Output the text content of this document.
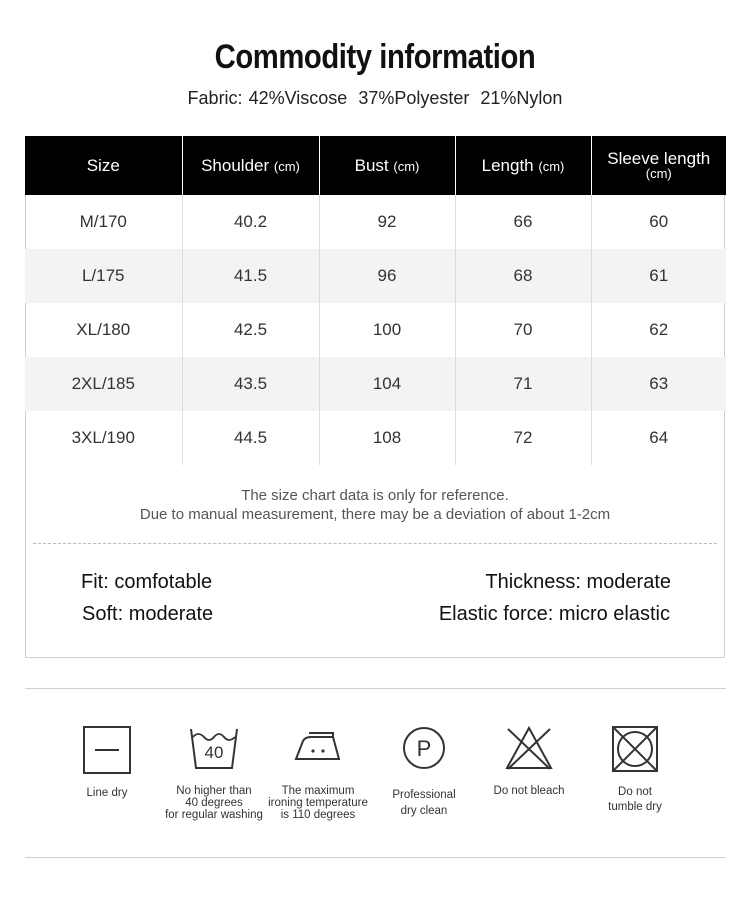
Commodity information
Fabric: 42%Viscose 37%Polyester 21%Nylon
Size	Shoulder (cm)	Bust (cm)	Length (cm)	Sleeve length
(cm)

M/170	40.2	92	66	60
L/175	41.5	96	68	61
XL/180	42.5	100	70	62
2XL/185	43.5	104	71	63
3XL/190	44.5	108	72	64
The size chart data is only for reference.
Due to manual measurement, there may be a deviation of about 1-2cm
Fit: comfotable	Thickness: moderate
Soft: moderate	Elastic force: micro elastic
Line dry
40
No higher than
40 degrees
for regular washing
The maximum
ironing temperature
is 110 degrees
P
Professional
dry clean
Do not bleach	Do not
tumble dry
